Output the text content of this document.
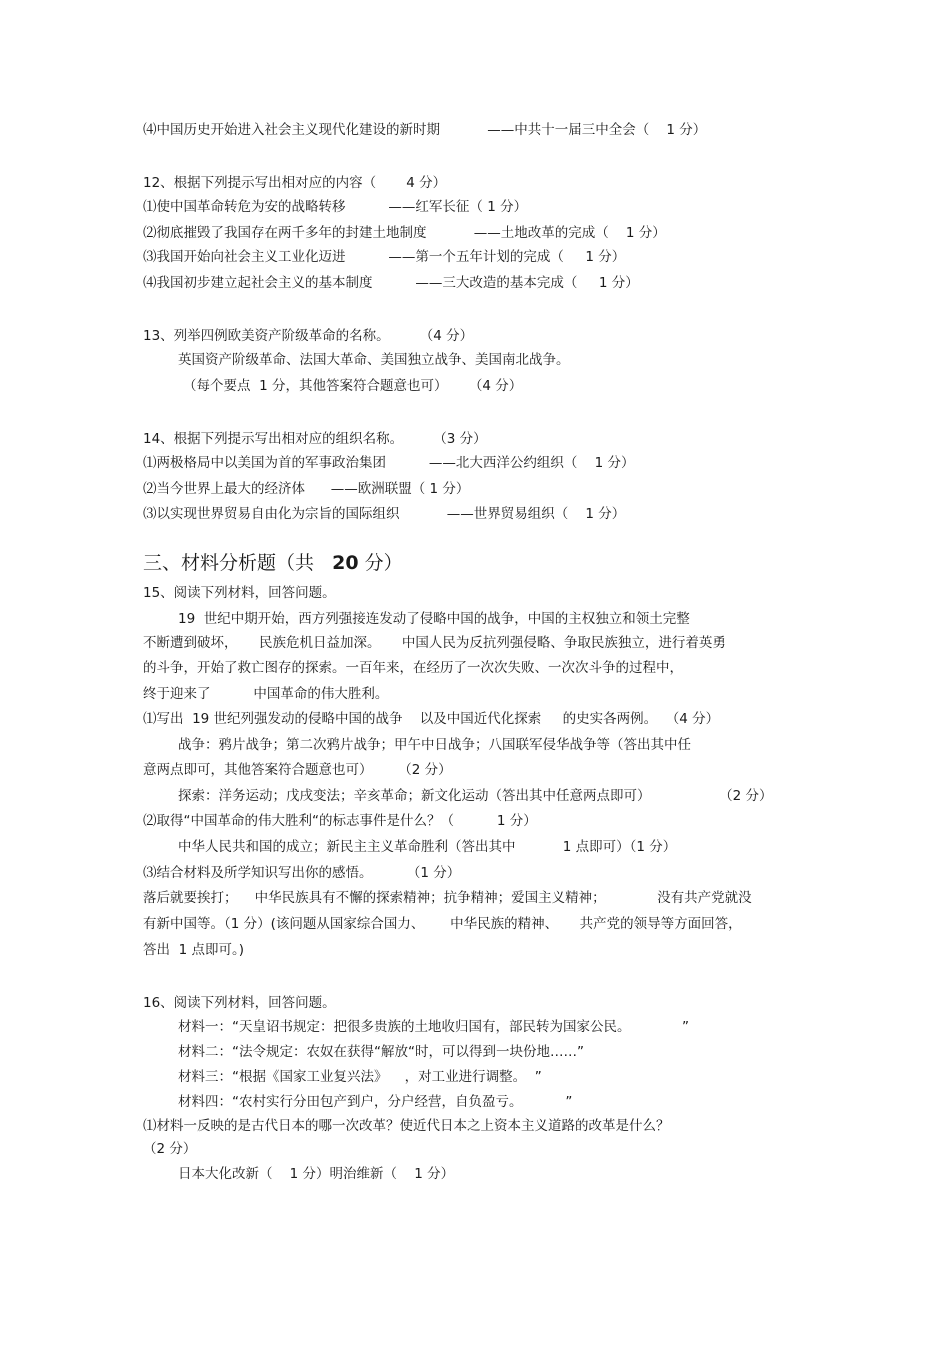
⑷中国历史开始进入社会主义现代化建设的新时期           ——中共十一届三中全会（    1 分）
12、根据下列提示写出相对应的内容（       4 分）
⑴使中国革命转危为安的战略转移          ——红军长征（ 1 分）
⑵彻底摧毁了我国存在两千多年的封建土地制度           ——土地改革的完成（    1 分）
⑶我国开始向社会主义工业化迈进          ——第一个五年计划的完成（     1 分）
⑷我国初步建立起社会主义的基本制度          ——三大改造的基本完成（     1 分）
13、列举四例欧美资产阶级革命的名称。       （4 分）
英国资产阶级革命、法国大革命、美国独立战争、美国南北战争。
（每个要点  1 分，其他答案符合题意也可）     （4 分）
14、根据下列提示写出相对应的组织名称。       （3 分）
⑴两极格局中以美国为首的军事政治集团          ——北大西洋公约组织（    1 分）
⑵当今世界上最大的经济体      ——欧洲联盟（ 1 分）
⑶以实现世界贸易自由化为宗旨的国际组织           ——世界贸易组织（    1 分）
三、材料分析题（共   20 分）
15、阅读下列材料，回答问题。
19  世纪中期开始，西方列强接连发动了侵略中国的战争，中国的主权独立和领土完整
不断遭到破坏，     民族危机日益加深。     中国人民为反抗列强侵略、争取民族独立，进行着英勇
的斗争，开始了救亡图存的探索。一百年来，在经历了一次次失败、一次次斗争的过程中，
终于迎来了          中国革命的伟大胜利。
⑴写出  19 世纪列强发动的侵略中国的战争    以及中国近代化探索     的史实各两例。  （4 分）
战争：鸦片战争；第二次鸦片战争；甲午中日战争；八国联军侵华战争等（答出其中任
意两点即可，其他答案符合题意也可）      （2 分）
探索：洋务运动；戊戌变法；辛亥革命；新文化运动（答出其中任意两点即可）                （2 分）
⑵取得“中国革命的伟大胜利“的标志事件是什么？（          1 分）
中华人民共和国的成立；新民主主义革命胜利（答出其中           1 点即可）（1 分）
⑶结合材料及所学知识写出你的感悟。        （1 分）
落后就要挨打；    中华民族具有不懈的探索精神；抗争精神；爱国主义精神；            没有共产党就没
有新中国等。（1 分）(该问题从国家综合国力、      中华民族的精神、     共产党的领导等方面回答，
答出  1 点即可。)
16、阅读下列材料，回答问题。
材料一：“天皇诏书规定：把很多贵族的土地收归国有，部民转为国家公民。            ”
材料二：“法令规定：农奴在获得“解放“时，可以得到一块份地……”
材料三：“根据《国家工业复兴法》    ，对工业进行调整。  ”
材料四：“农村实行分田包产到户，分户经营，自负盈亏。          ”
⑴材料一反映的是古代日本的哪一次改革？使近代日本之上资本主义道路的改革是什么？
（2 分）
日本大化改新（    1 分）明治维新（    1 分）
